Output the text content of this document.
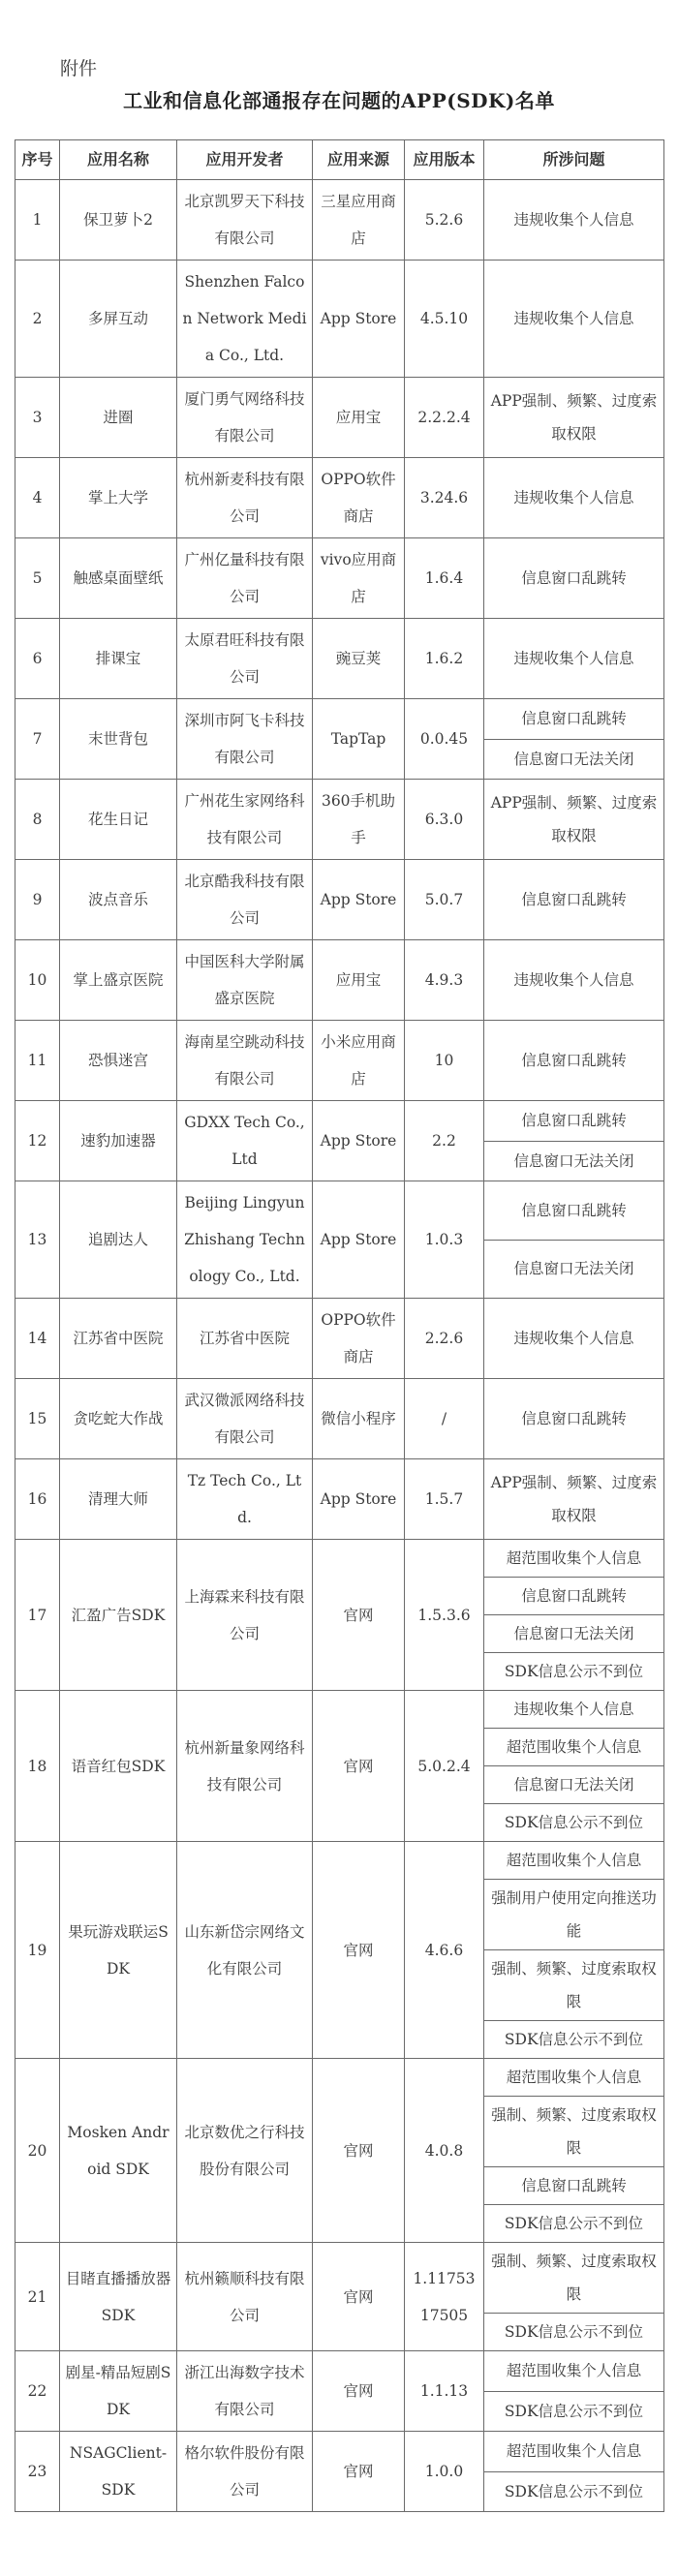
附件
工业和信息化部通报存在问题的APP(SDK)名单
序号	应用名称	应用开发者	应用来源	应用版本	所涉问题
1	保卫萝卜2	北京凯罗天下科技有限公司	三星应用商店	5.2.6	违规收集个人信息
2	多屏互动	Shenzhen Falcon Network Media Co., Ltd.	App Store	4.5.10	违规收集个人信息
3	进圈	厦门勇气网络科技有限公司	应用宝	2.2.2.4	APP强制、频繁、过度索取权限
4	掌上大学	杭州新麦科技有限公司	OPPO软件商店	3.24.6	违规收集个人信息
5	触感桌面壁纸	广州亿量科技有限公司	vivo应用商店	1.6.4	信息窗口乱跳转
6	排课宝	太原君旺科技有限公司	豌豆荚	1.6.2	违规收集个人信息
7	末世背包	深圳市阿飞卡科技有限公司	TapTap	0.0.45	信息窗口乱跳转
					信息窗口无法关闭
8	花生日记	广州花生家网络科技有限公司	360手机助手	6.3.0	APP强制、频繁、过度索取权限
9	波点音乐	北京酷我科技有限公司	App Store	5.0.7	信息窗口乱跳转
10	掌上盛京医院	中国医科大学附属盛京医院	应用宝	4.9.3	违规收集个人信息
11	恐惧迷宫	海南星空跳动科技有限公司	小米应用商店	10	信息窗口乱跳转
12	速豹加速器	GDXX Tech Co., Ltd	App Store	2.2	信息窗口乱跳转
					信息窗口无法关闭
13	追剧达人	Beijing Lingyun Zhishang Technology Co., Ltd.	App Store	1.0.3	信息窗口乱跳转
					信息窗口无法关闭
14	江苏省中医院	江苏省中医院	OPPO软件商店	2.2.6	违规收集个人信息
15	贪吃蛇大作战	武汉微派网络科技有限公司	微信小程序	/	信息窗口乱跳转
16	清理大师	Tz Tech Co., Ltd.	App Store	1.5.7	APP强制、频繁、过度索取权限
17	汇盈广告SDK	上海霖来科技有限公司	官网	1.5.3.6	超范围收集个人信息
					信息窗口乱跳转
					信息窗口无法关闭
					SDK信息公示不到位
18	语音红包SDK	杭州新量象网络科技有限公司	官网	5.0.2.4	违规收集个人信息
					超范围收集个人信息
					信息窗口无法关闭
					SDK信息公示不到位
19	果玩游戏联运SDK	山东新岱宗网络文化有限公司	官网	4.6.6	超范围收集个人信息
					强制用户使用定向推送功能
					强制、频繁、过度索取权限
					SDK信息公示不到位
20	Mosken Android SDK	北京数优之行科技股份有限公司	官网	4.0.8	超范围收集个人信息
					强制、频繁、过度索取权限
					信息窗口乱跳转
					SDK信息公示不到位
21	目睹直播播放器SDK	杭州籁顺科技有限公司	官网	1.1175317505	强制、频繁、过度索取权限
					SDK信息公示不到位
22	剧星-精品短剧SDK	浙江出海数字技术有限公司	官网	1.1.13	超范围收集个人信息
					SDK信息公示不到位
23	NSAGClient-SDK	格尔软件股份有限公司	官网	1.0.0	超范围收集个人信息
					SDK信息公示不到位
